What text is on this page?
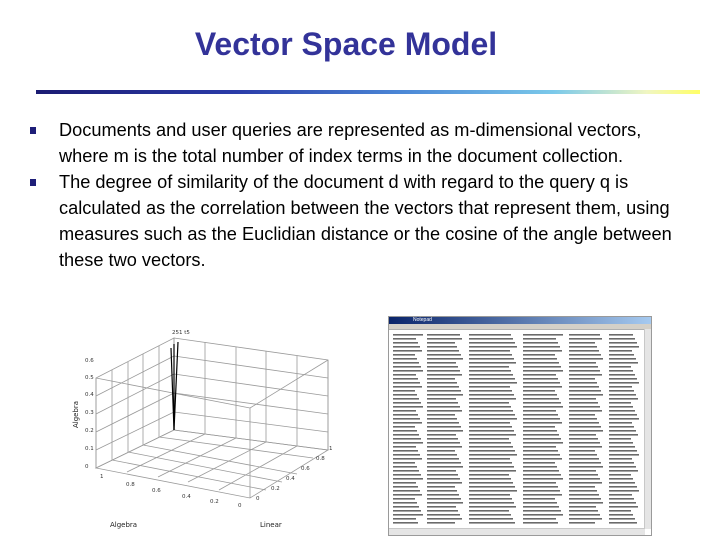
Vector Space Model
Documents and user queries are represented as m-dimensional vectors, where m is the total number of index terms in the document collection.
The degree of similarity of the document d with regard to the query q is calculated as the correlation between the vectors that represent them, using measures such as the Euclidian distance or the cosine of the angle between these two vectors.
251 t5
0.6
0.5
0.4
0.3
0.2
0.1
0
1
0.8
0.6
0.4
0.2
0
0
0.2
0.4
0.6
0.8
1
Algebra
Algebra	Linear
Notepad
